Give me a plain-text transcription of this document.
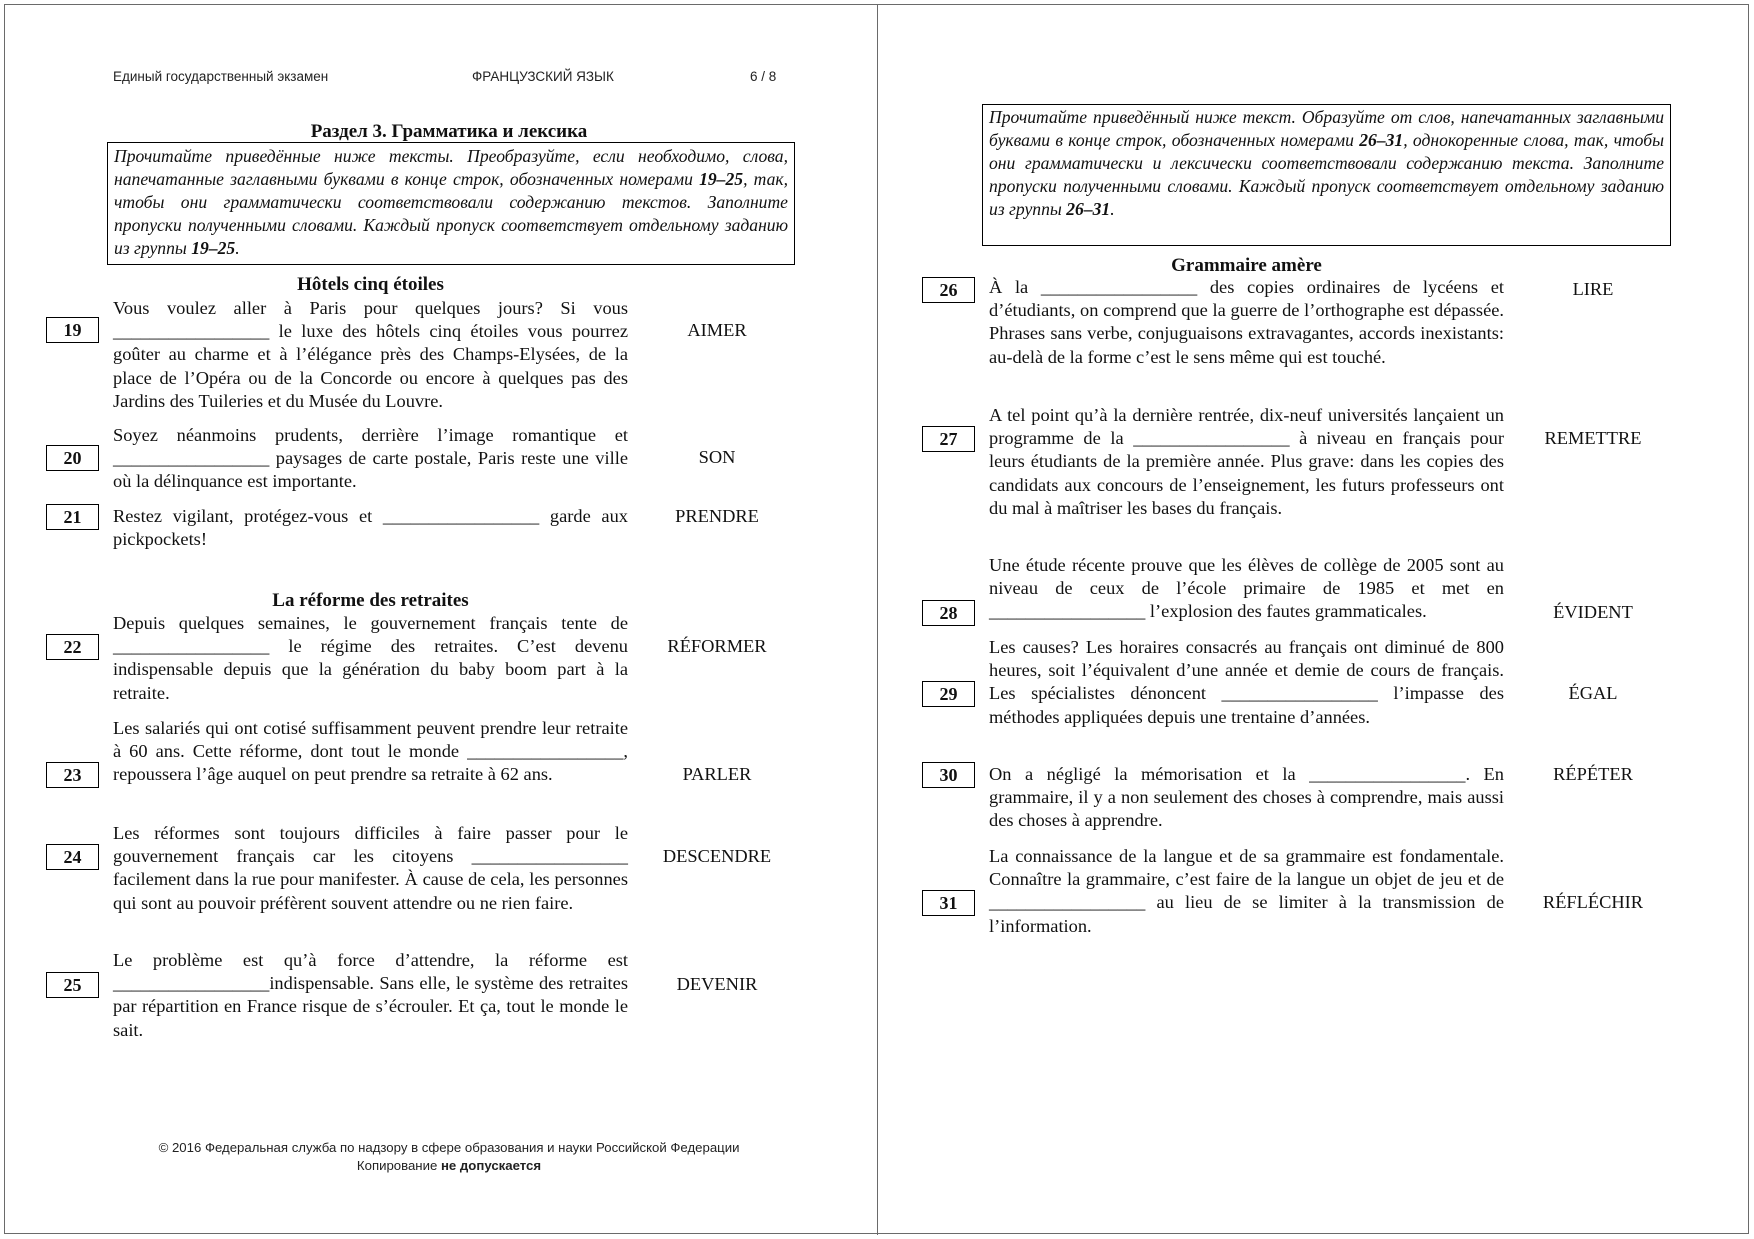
Единый государственный экзамен	ФРАНЦУЗСКИЙ ЯЗЫК	6 / 8
Раздел 3. Грамматика и лексика

Прочитайте приведённые ниже тексты. Преобразуйте, если необходимо, слова, напечатанные заглавными буквами в конце строк, обозначенных номерами 19–25, так, чтобы они грамматически соответствовали содержанию текстов. Заполните пропуски полученными словами. Каждый пропуск соответствует отдельному заданию из группы 19–25.

Hôtels cinq étoiles
19

Vous voulez aller à Paris pour quelques jours? Si vous _________________ le luxe des hôtels cinq étoiles vous pourrez goûter au charme et à l’élégance près des Champs-Elysées, de la place de l’Opéra ou de la Concorde ou encore à quelques pas des Jardins des Tuileries et du Musée du Louvre.

AIMER
20

Soyez néanmoins prudents, derrière l’image romantique et _________________ paysages de carte postale, Paris reste une ville où la délinquance est importante.

SON
21	Restez vigilant, protégez-vous et _________________ garde aux pickpockets!

PRENDRE
La réforme des retraites
22

Depuis quelques semaines, le gouvernement français tente de _________________ le régime des retraites. C’est devenu indispensable depuis que la génération du baby boom part à la retraite.

RÉFORMER
23

Les salariés qui ont cotisé suffisamment peuvent prendre leur retraite à 60 ans. Cette réforme, dont tout le monde _________________, repoussera l’âge auquel on peut prendre sa retraite à 62 ans.	PARLER
24

Les réformes sont toujours difficiles à faire passer pour le gouvernement français car les citoyens _________________ facilement dans la rue pour manifester. À cause de cela, les personnes qui sont au pouvoir préfèrent souvent attendre ou ne rien faire.

DESCENDRE
25

Le problème est qu’à force d’attendre, la réforme est _________________indispensable. Sans elle, le système des retraites par répartition en France risque de s’écrouler. Et ça, tout le monde le sait.

DEVENIR
© 2016 Федеральная служба по надзору в сфере образования и науки Российской Федерации
Копирование не допускается

Прочитайте приведённый ниже текст. Образуйте от слов, напечатанных заглавными буквами в конце строк, обозначенных номерами 26–31, однокоренные слова, так, чтобы они грамматически и лексически соответствовали содержанию текста. Заполните пропуски полученными словами. Каждый пропуск соответствует отдельному заданию из группы 26–31.

Grammaire amère
26	À la _________________ des copies ordinaires de lycéens et d’étudiants, on comprend que la guerre de l’orthographe est dépassée. Phrases sans verbe, conjuguaisons extravagantes, accords inexistants: au-delà de la forme c’est le sens même qui est touché.

LIRE
27

A tel point qu’à la dernière rentrée, dix-neuf universités lançaient un programme de la _________________ à niveau en français pour leurs étudiants de la première année. Plus grave: dans les copies des candidats aux concours de l’enseignement, les futurs professeurs ont du mal à maîtriser les bases du français.

REMETTRE
28

Une étude récente prouve que les élèves de collège de 2005 sont au niveau de ceux de l’école primaire de 1985 et met en _________________ l’explosion des fautes grammaticales.	ÉVIDENT
29

Les causes? Les horaires consacrés au français ont diminué de 800 heures, soit l’équivalent d’une année et demie de cours de français. Les spécialistes dénoncent _________________ l’impasse des méthodes appliquées depuis une trentaine d’années.

ÉGAL
30	On a négligé la mémorisation et la _________________. En grammaire, il y a non seulement des choses à comprendre, mais aussi des choses à apprendre.

RÉPÉTER
31

La connaissance de la langue et de sa grammaire est fondamentale. Connaître la grammaire, c’est faire de la langue un objet de jeu et de _________________ au lieu de se limiter à la transmission de l’information.

RÉFLÉCHIR
